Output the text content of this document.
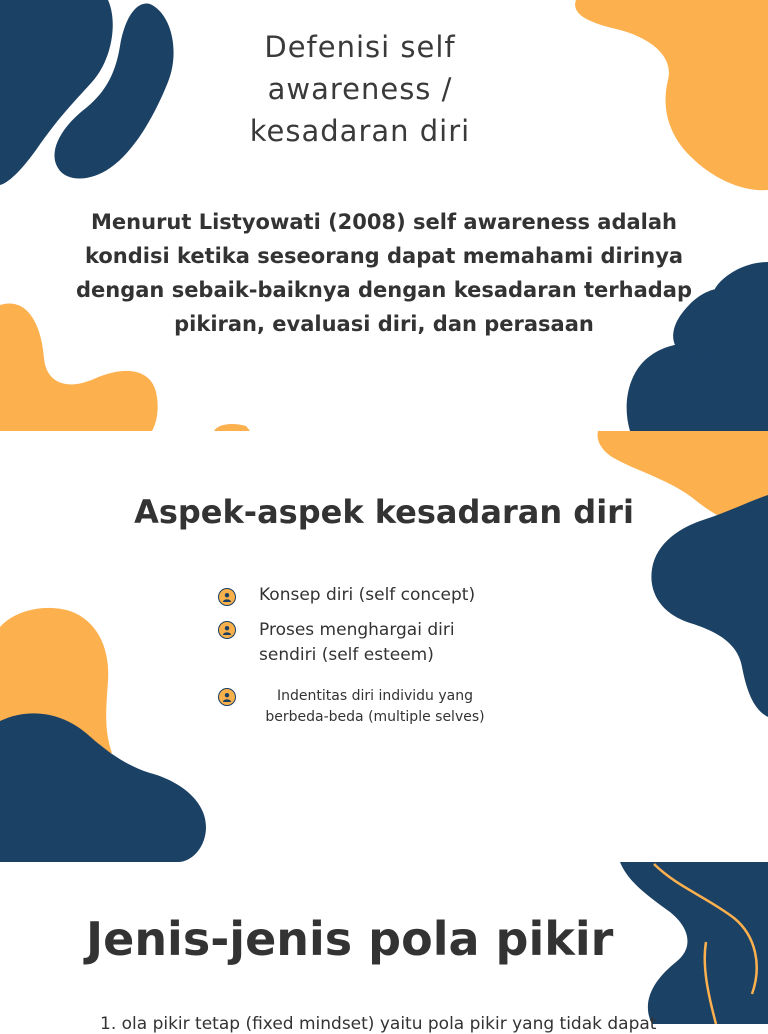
Defenisi self
awareness /
kesadaran diri
Menurut Listyowati (2008) self awareness adalah
kondisi ketika seseorang dapat memahami dirinya
dengan sebaik-baiknya dengan kesadaran terhadap
pikiran, evaluasi diri, dan perasaan
Aspek-aspek kesadaran diri
Konsep diri (self concept)
Proses menghargai diri
sendiri (self esteem)
Indentitas diri individu yang
berbeda-beda (multiple selves)
Jenis-jenis pola pikir
1. ola pikir tetap (fixed mindset) yaitu pola pikir yang tidak dapat
